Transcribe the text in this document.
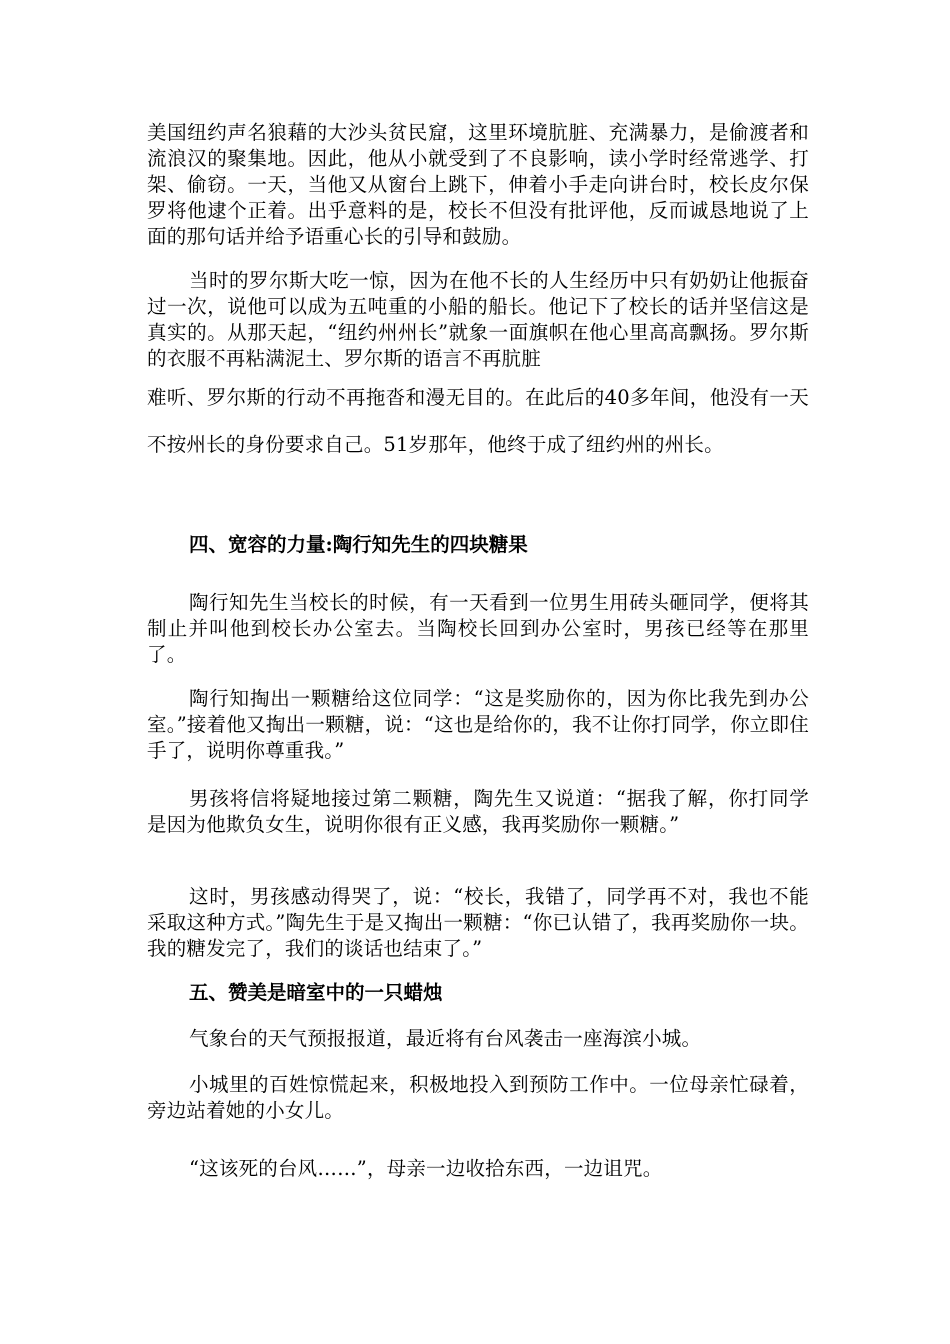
美国纽约声名狼藉的大沙头贫民窟，这里环境肮脏、充满暴力，是偷渡者和流浪汉的聚集地。因此，他从小就受到了不良影响，读小学时经常逃学、打架、偷窃。一天，当他又从窗台上跳下，伸着小手走向讲台时，校长皮尔保罗将他逮个正着。出乎意料的是，校长不但没有批评他，反而诚恳地说了上面的那句话并给予语重心长的引导和鼓励。

当时的罗尔斯大吃一惊，因为在他不长的人生经历中只有奶奶让他振奋过一次，说他可以成为五吨重的小船的船长。他记下了校长的话并坚信这是真实的。从那天起，“纽约州州长”就象一面旗帜在他心里高高飘扬。罗尔斯的衣服不再粘满泥土、罗尔斯的语言不再肮脏

难听、罗尔斯的行动不再拖沓和漫无目的。在此后的40多年间，他没有一天不按州长的身份要求自己。51岁那年，他终于成了纽约州的州长。

四、宽容的力量:陶行知先生的四块糖果

陶行知先生当校长的时候，有一天看到一位男生用砖头砸同学，便将其制止并叫他到校长办公室去。当陶校长回到办公室时，男孩已经等在那里了。

陶行知掏出一颗糖给这位同学：“这是奖励你的，因为你比我先到办公室。”接着他又掏出一颗糖，说：“这也是给你的，我不让你打同学，你立即住手了，说明你尊重我。”

男孩将信将疑地接过第二颗糖，陶先生又说道：“据我了解，你打同学是因为他欺负女生，说明你很有正义感，我再奖励你一颗糖。”

这时，男孩感动得哭了，说：“校长，我错了，同学再不对，我也不能采取这种方式。”陶先生于是又掏出一颗糖：“你已认错了，我再奖励你一块。我的糖发完了，我们的谈话也结束了。”

五、赞美是暗室中的一只蜡烛

气象台的天气预报报道，最近将有台风袭击一座海滨小城。

小城里的百姓惊慌起来，积极地投入到预防工作中。一位母亲忙碌着，旁边站着她的小女儿。

“这该死的台风……”，母亲一边收拾东西，一边诅咒。
